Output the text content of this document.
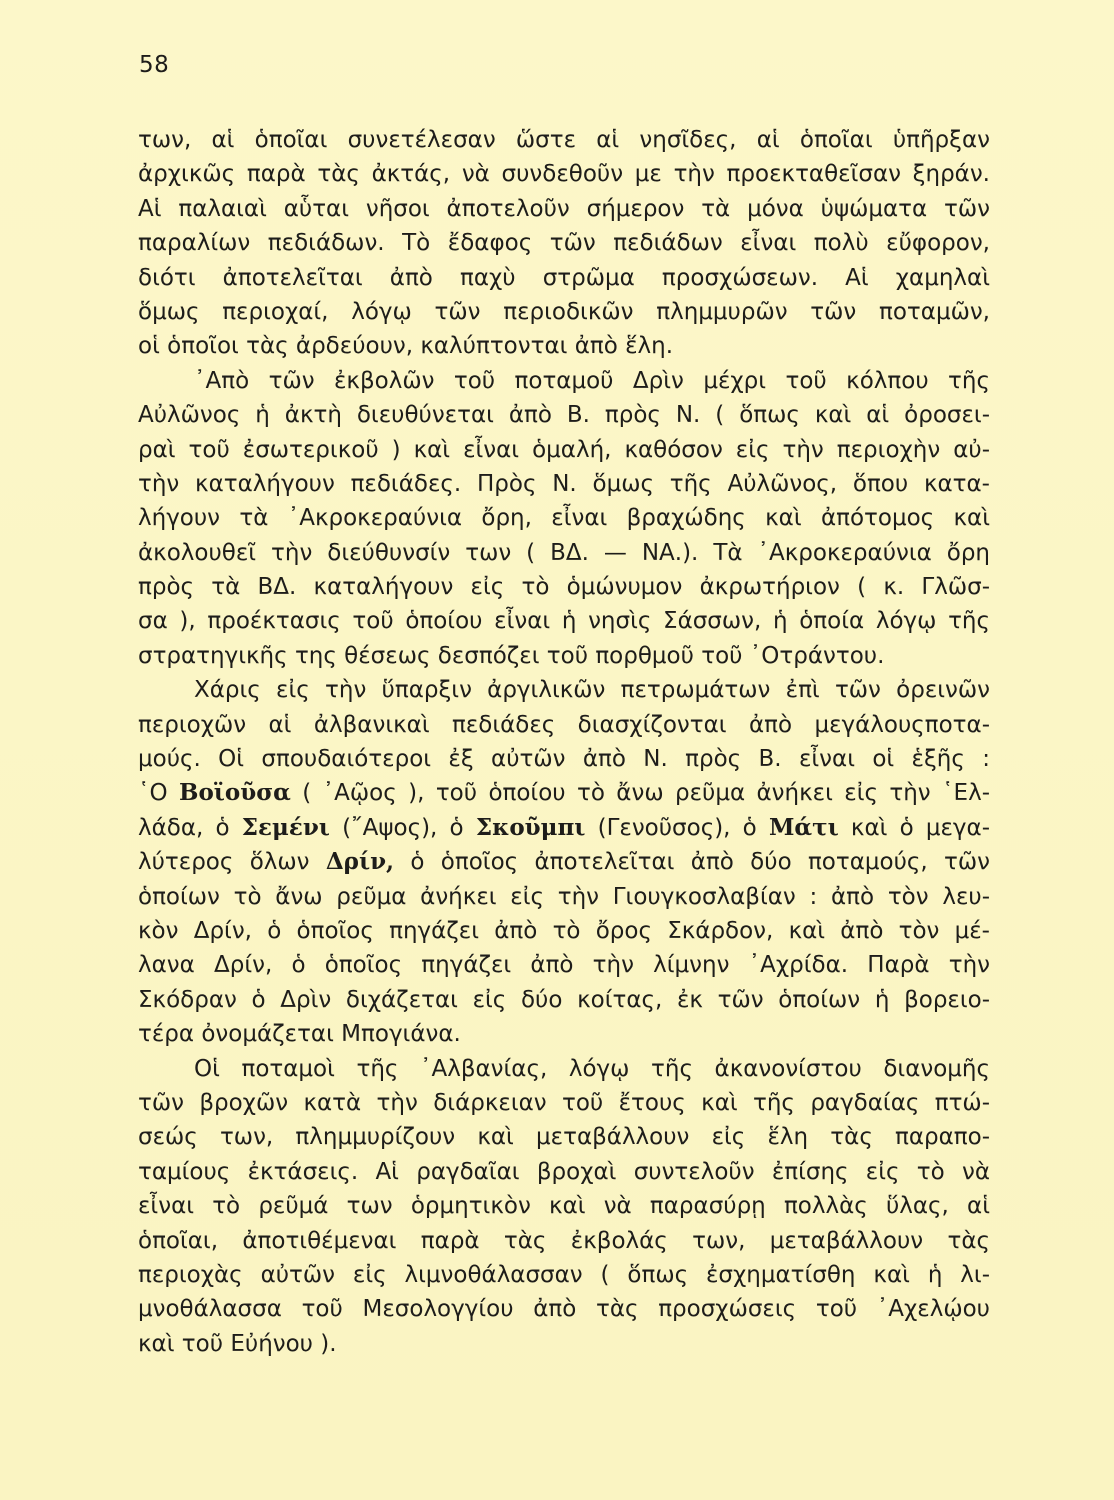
58
των, αἱ ὁποῖαι συνετέλεσαν ὥστε αἱ νησῖδες, αἱ ὁποῖαι ὑπῆρξαν
ἀρχικῶς παρὰ τὰς ἀκτάς, νὰ συνδεθοῦν με τὴν προεκταθεῖσαν ξηράν.
Αἱ παλαιαὶ αὗται νῆσοι ἀποτελοῦν σήμερον τὰ μόνα ὑψώματα τῶν
παραλίων πεδιάδων. Τὸ ἔδαφος τῶν πεδιάδων εἶναι πολὺ εὔφορον,
διότι ἀποτελεῖται ἀπὸ παχὺ στρῶμα προσχώσεων. Αἱ χαμηλαὶ
ὅμως περιοχαί, λόγῳ τῶν περιοδικῶν πλημμυρῶν τῶν ποταμῶν,
οἱ ὁποῖοι τὰς ἀρδεύουν, καλύπτονται ἀπὸ ἕλη.
᾿Απὸ τῶν ἐκβολῶν τοῦ ποταμοῦ Δρὶν μέχρι τοῦ κόλπου τῆς
Αὐλῶνος ἡ ἀκτὴ διευθύνεται ἀπὸ Β. πρὸς Ν. ( ὅπως καὶ αἱ ὀροσει-
ραὶ τοῦ ἐσωτερικοῦ ) καὶ εἶναι ὁμαλή, καθόσον εἰς τὴν περιοχὴν αὐ-
τὴν καταλήγουν πεδιάδες. Πρὸς Ν. ὅμως τῆς Αὐλῶνος, ὅπου κατα-
λήγουν τὰ ᾿Ακροκεραύνια ὄρη, εἶναι βραχώδης καὶ ἀπότομος καὶ
ἀκολουθεῖ τὴν διεύθυνσίν των ( ΒΔ. — ΝΑ.). Τὰ ᾿Ακροκεραύνια ὄρη
πρὸς τὰ ΒΔ. καταλήγουν εἰς τὸ ὁμώνυμον ἀκρωτήριον ( κ. Γλῶσ-
σα ), προέκτασις τοῦ ὁποίου εἶναι ἡ νησὶς Σάσσων, ἡ ὁποία λόγῳ τῆς
στρατηγικῆς της θέσεως δεσπόζει τοῦ πορθμοῦ τοῦ ᾿Οτράντου.
Χάρις εἰς τὴν ὕπαρξιν ἀργιλικῶν πετρωμάτων ἐπὶ τῶν ὀρεινῶν
περιοχῶν αἱ ἀλβανικαὶ πεδιάδες διασχίζονται ἀπὸ μεγάλουςποτα-
μούς. Οἱ σπουδαιότεροι ἐξ αὐτῶν ἀπὸ Ν. πρὸς Β. εἶναι οἱ ἑξῆς :
῾Ο Βοϊοῦσα ( ᾿Αῷος ), τοῦ ὁποίου τὸ ἄνω ρεῦμα ἀνήκει εἰς τὴν ῾Ελ-
λάδα, ὁ Σεμένι (῎Αψος), ὁ Σκοῦμπι (Γενοῦσος), ὁ Μάτι καὶ ὁ μεγα-
λύτερος ὅλων Δρίν, ὁ ὁποῖος ἀποτελεῖται ἀπὸ δύο ποταμούς, τῶν
ὁποίων τὸ ἄνω ρεῦμα ἀνήκει εἰς τὴν Γιουγκοσλαβίαν : ἀπὸ τὸν λευ-
κὸν Δρίν, ὁ ὁποῖος πηγάζει ἀπὸ τὸ ὄρος Σκάρδον, καὶ ἀπὸ τὸν μέ-
λανα Δρίν, ὁ ὁποῖος πηγάζει ἀπὸ τὴν λίμνην ᾿Αχρίδα. Παρὰ τὴν
Σκόδραν ὁ Δρὶν διχάζεται εἰς δύο κοίτας, ἐκ τῶν ὁποίων ἡ βορειο-
τέρα ὀνομάζεται Μπογιάνα.
Οἱ ποταμοὶ τῆς ᾿Αλβανίας, λόγῳ τῆς ἀκανονίστου διανομῆς
τῶν βροχῶν κατὰ τὴν διάρκειαν τοῦ ἔτους καὶ τῆς ραγδαίας πτώ-
σεώς των, πλημμυρίζουν καὶ μεταβάλλουν εἰς ἕλη τὰς παραπο-
ταμίους ἐκτάσεις. Αἱ ραγδαῖαι βροχαὶ συντελοῦν ἐπίσης εἰς τὸ νὰ
εἶναι τὸ ρεῦμά των ὁρμητικὸν καὶ νὰ παρασύρῃ πολλὰς ὕλας, αἱ
ὁποῖαι, ἀποτιθέμεναι παρὰ τὰς ἐκβολάς των, μεταβάλλουν τὰς
περιοχὰς αὐτῶν εἰς λιμνοθάλασσαν ( ὅπως ἐσχηματίσθη καὶ ἡ λι-
μνοθάλασσα τοῦ Μεσολογγίου ἀπὸ τὰς προσχώσεις τοῦ ᾿Αχελῴου
καὶ τοῦ Εὐήνου ).
